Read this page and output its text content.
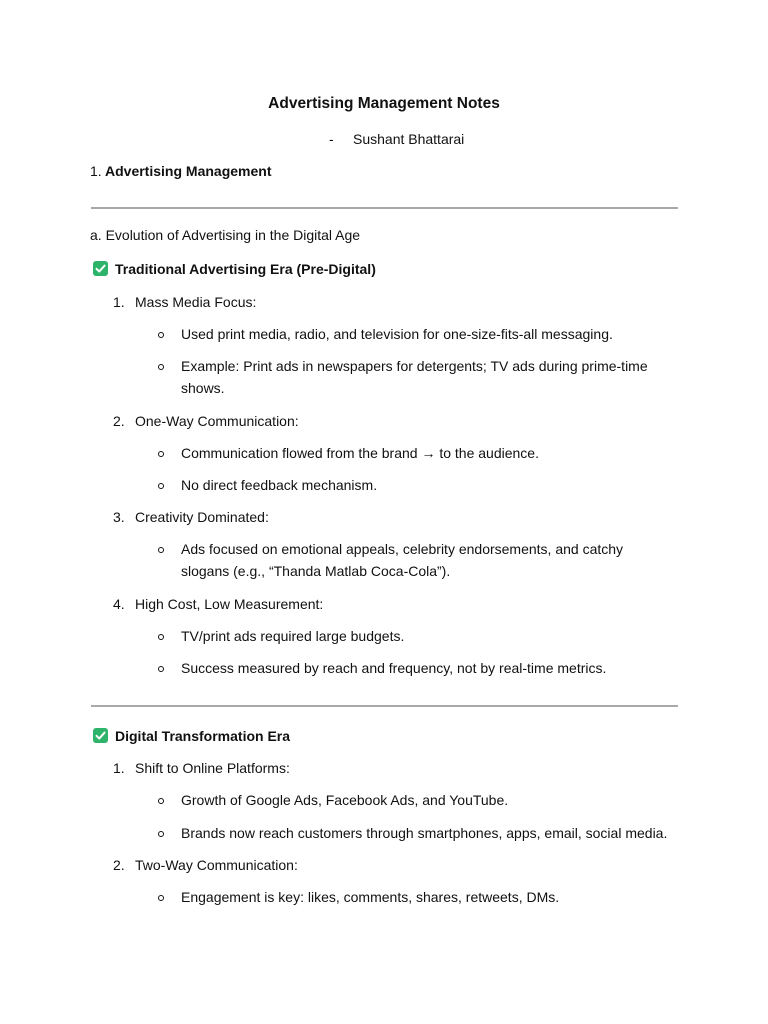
Advertising Management Notes
- Sushant Bhattarai
1. Advertising Management
a. Evolution of Advertising in the Digital Age
Traditional Advertising Era (Pre-Digital)
1. Mass Media Focus:
Used print media, radio, and television for one-size-fits-all messaging.
Example: Print ads in newspapers for detergents; TV ads during prime-time shows.
2. One-Way Communication:
Communication flowed from the brand → to the audience.
No direct feedback mechanism.
3. Creativity Dominated:
Ads focused on emotional appeals, celebrity endorsements, and catchy slogans (e.g., “Thanda Matlab Coca-Cola”).
4. High Cost, Low Measurement:
TV/print ads required large budgets.
Success measured by reach and frequency, not by real-time metrics.
Digital Transformation Era
1. Shift to Online Platforms:
Growth of Google Ads, Facebook Ads, and YouTube.
Brands now reach customers through smartphones, apps, email, social media.
2. Two-Way Communication:
Engagement is key: likes, comments, shares, retweets, DMs.
